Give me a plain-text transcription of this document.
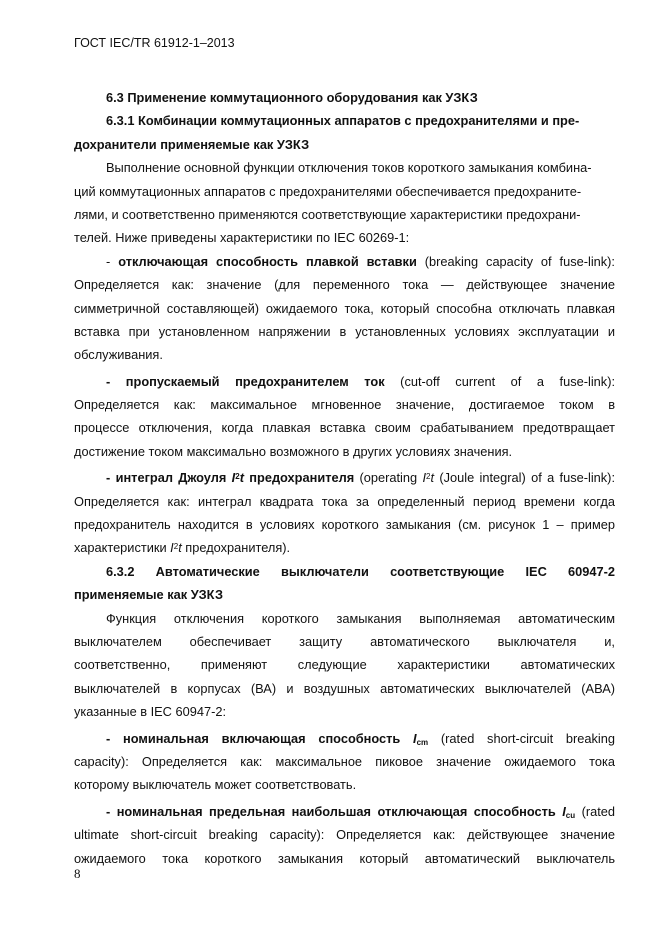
ГОСТ IEC/TR 61912-1–2013
6.3 Применение коммутационного оборудования как УЗКЗ
6.3.1 Комбинации коммутационных аппаратов с предохранителями и пре-
дохранители применяемые как УЗКЗ
Выполнение основной функции отключения токов короткого замыкания комбина-
ций коммутационных аппаратов с предохранителями обеспечивается предохраните-
лями, и соответственно применяются соответствующие характеристики предохрани-
телей. Ниже приведены характеристики по IEC 60269-1:
- отключающая способность плавкой вставки (breaking capacity of fuse-link):
Определяется как: значение (для переменного тока — действующее значение
симметричной составляющей) ожидаемого тока, который способна отключать плавкая
вставка при установленном напряжении в установленных условиях эксплуатации и
обслуживания.
- пропускаемый предохранителем ток (cut-off current of a fuse-link):
Определяется как: максимальное мгновенное значение, достигаемое током в
процессе отключения, когда плавкая вставка своим срабатыванием предотвращает
достижение током максимально возможного в других условиях значения.
- интеграл Джоуля $I^2t$ предохранителя (operating $I^2t$ (Joule integral) of a fuse-link):
Определяется как: интеграл квадрата тока за определенный период времени когда
предохранитель находится в условиях короткого замыкания (см. рисунок 1 – пример
характеристики $I^2t$ предохранителя).
6.3.2 Автоматические выключатели соответствующие IEC 60947-2
применяемые как УЗКЗ
Функция отключения короткого замыкания выполняемая автоматическим
выключателем обеспечивает защиту автоматического выключателя и,
соответственно, применяют следующие характеристики автоматических
выключателей в корпусах (ВА) и воздушных автоматических выключателей (АВА)
указанные в IEC 60947-2:
- номинальная включающая способность $I_{cm}$ (rated short-circuit breaking
capacity): Определяется как: максимальное пиковое значение ожидаемого тока
которому выключатель может соответствовать.
- номинальная предельная наибольшая отключающая способность $I_{cu}$ (rated
ultimate short-circuit breaking capacity): Определяется как: действующее значение
ожидаемого тока короткого замыкания который автоматический выключатель
8
